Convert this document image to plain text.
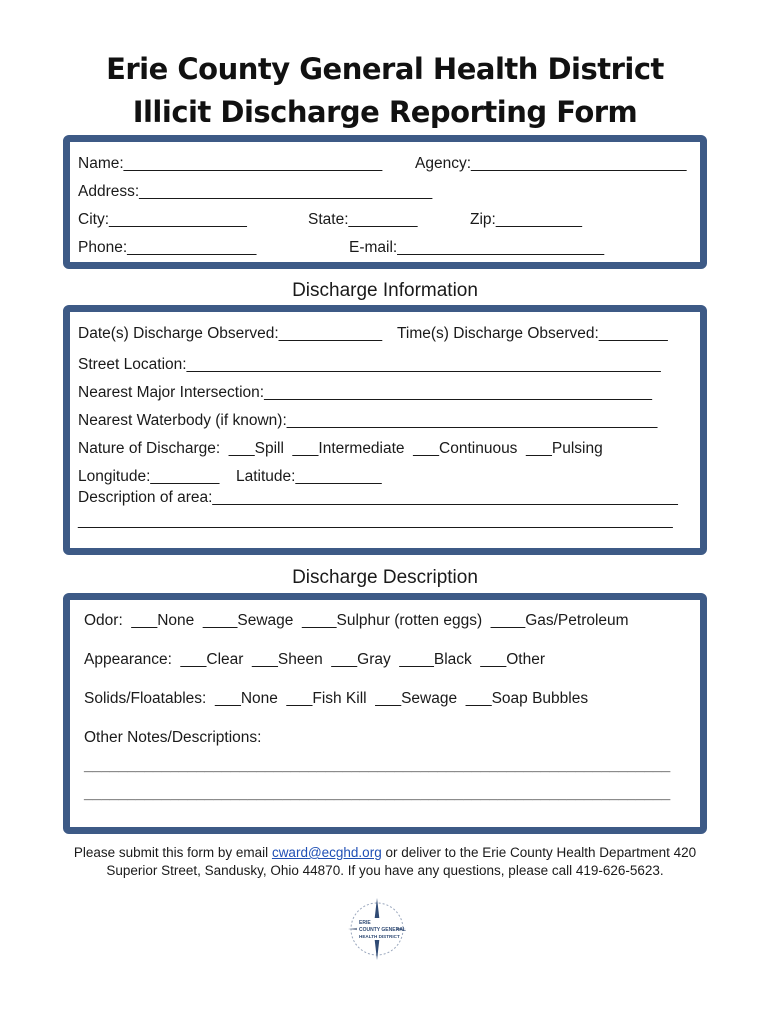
Erie County General Health District
Illicit Discharge Reporting Form
Name:______________________________ Agency:_________________________
Address:__________________________________
City:________________	State:________	Zip:__________
Phone:_______________	E-mail:________________________
Discharge Information
Date(s) Discharge Observed:____________ Time(s) Discharge Observed:________
Street Location:_______________________________________________________
Nearest Major Intersection:_____________________________________________
Nearest Waterbody (if known):___________________________________________
Nature of Discharge:  ___Spill  ___Intermediate  ___Continuous  ___Pulsing
Longitude:________ Latitude:__________
Description of area:______________________________________________________
_____________________________________________________________________
Discharge Description
Odor:  ___None  ____Sewage  ____Sulphur (rotten eggs)  ____Gas/Petroleum
Appearance:  ___Clear  ___Sheen  ___Gray  ____Black  ___Other
Solids/Floatables:  ___None  ___Fish Kill  ___Sewage  ___Soap Bubbles
Other Notes/Descriptions:
____________________________________________________________________
____________________________________________________________________
Please submit this form by email cward@ecghd.org or deliver to the Erie County Health Department 420 Superior Street, Sandusky, Ohio 44870. If you have any questions, please call 419-626-5623.
ERIE
COUNTY GENERAL
HEALTH DISTRICT
